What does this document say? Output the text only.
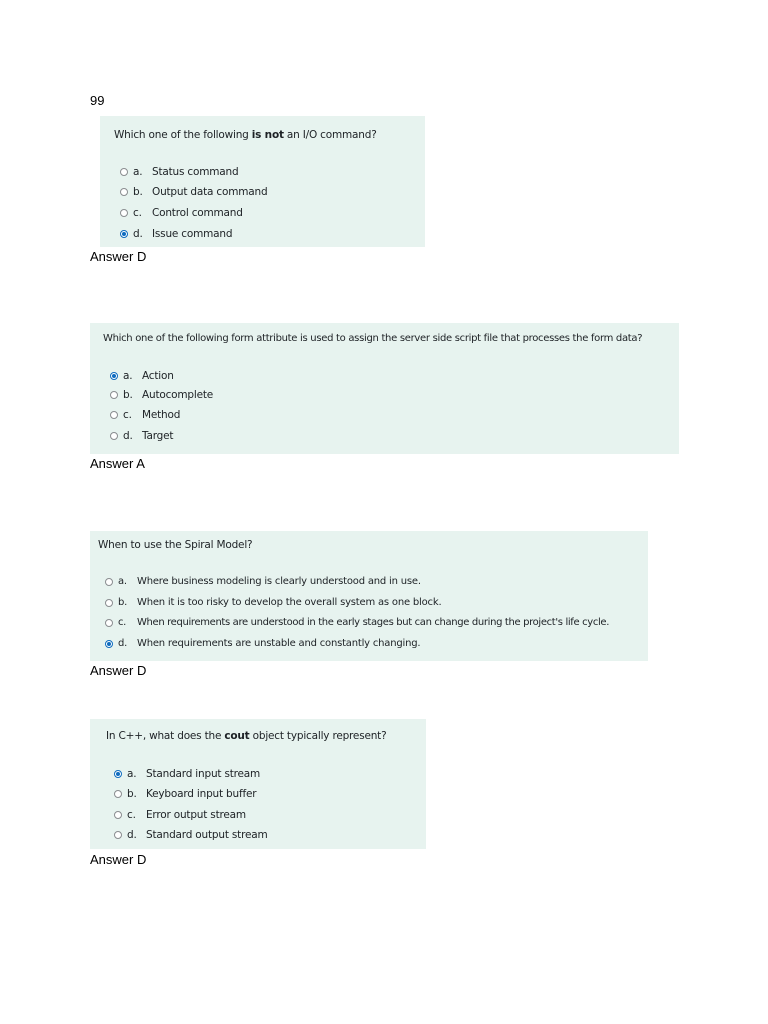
99
Which one of the following is not an I/O command?
a. Status command
b. Output data command
c. Control command
d. Issue command
Answer D
Which one of the following form attribute is used to assign the server side script file that processes the form data?
a. Action
b. Autocomplete
c. Method
d. Target
Answer A
When to use the Spiral Model?
a.	Where business modeling is clearly understood and in use.
b. When it is too risky to develop the overall system as one block.
c.	When requirements are understood in the early stages but can change during the project's life cycle.
d. When requirements are unstable and constantly changing.
Answer D
In C++, what does the cout object typically represent?
a. Standard input stream
b. Keyboard input buffer
c. Error output stream
d. Standard output stream
Answer D
